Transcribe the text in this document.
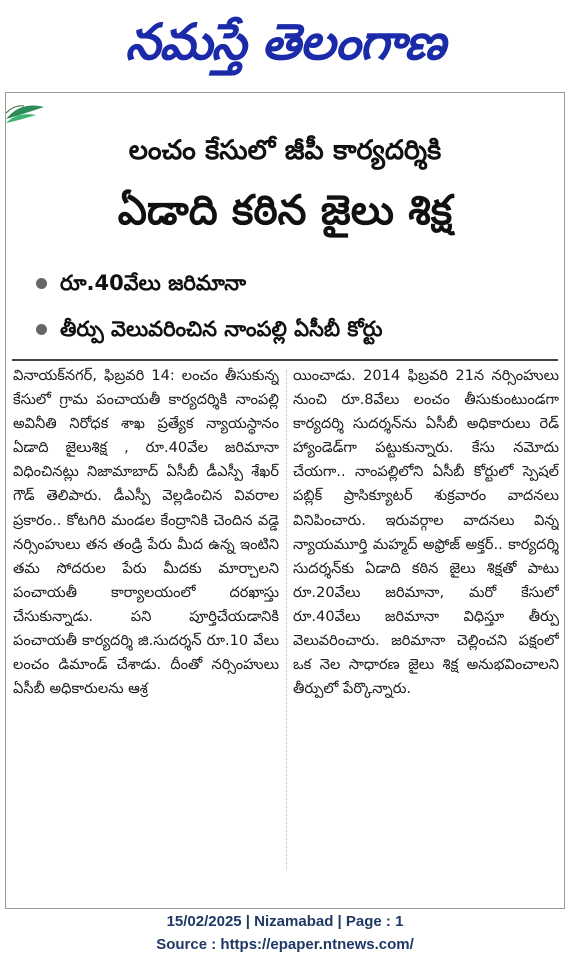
నమస్తే తెలంగాణ
లంచం కేసులో జీపీ కార్యదర్శికి
ఏడాది కఠిన జైలు శిక్ష
రూ.40వేలు జరిమానా
తీర్పు వెలువరించిన నాంపల్లి ఏసీబీ కోర్టు
వినాయక్‌నగర్, ఫిబ్రవరి 14: లంచం తీసుకున్న కేసులో గ్రామ పంచాయతీ కార్యదర్శికి నాంపల్లి అవినీతి నిరోధక శాఖ ప్రత్యేక న్యాయస్థానం ఏడాది జైలుశిక్ష , రూ.40వేల జరిమానా విధించినట్లు నిజామాబాద్ ఏసీబీ డీఎస్పీ శేఖర్ గౌడ్ తెలిపారు. డీఎస్పీ వెల్లడించిన వివరాల ప్రకారం.. కోటగిరి మండల కేంద్రానికి చెందిన వడ్డె నర్సింహులు తన తండ్రి పేరు మీద ఉన్న ఇంటిని తమ సోదరుల పేరు మీదకు మార్చాలని పంచాయతీ కార్యాలయంలో దరఖాస్తు చేసుకున్నాడు. పని పూర్తిచేయడానికి పంచాయతీ కార్యదర్శి జి.సుదర్శన్ రూ.10 వేలు లంచం డిమాండ్ చేశాడు. దీంతో నర్సింహులు ఏసీబీ అధికారులను ఆశ్ర
యించాడు. 2014 ఫిబ్రవరి 21న నర్సింహులు నుంచి రూ.8వేలు లంచం తీసుకుంటుండగా కార్యదర్శి సుదర్శన్‌ను ఏసీబీ అధికారులు రెడ్ హ్యాండెడ్‌గా పట్టుకున్నారు. కేసు నమోదు చేయగా.. నాంపల్లిలోని ఏసీబీ కోర్టులో స్పెషల్ పబ్లిక్ ప్రాసిక్యూటర్ శుక్రవారం వాదనలు వినిపించారు. ఇరువర్గాల వాదనలు విన్న న్యాయమూర్తి మహ్మద్ అఫ్రోజ్ అక్తర్.. కార్యదర్శి సుదర్శన్‌కు ఏడాది కఠిన జైలు శిక్షతో పాటు రూ.20వేలు జరిమానా, మరో కేసులో రూ.40వేలు జరిమానా విధిస్తూ తీర్పు వెలువరించారు. జరిమానా చెల్లించని పక్షంలో ఒక నెల సాధారణ జైలు శిక్ష అనుభవించాలని తీర్పులో పేర్కొన్నారు.
15/02/2025 | Nizamabad | Page : 1
Source : https://epaper.ntnews.com/
